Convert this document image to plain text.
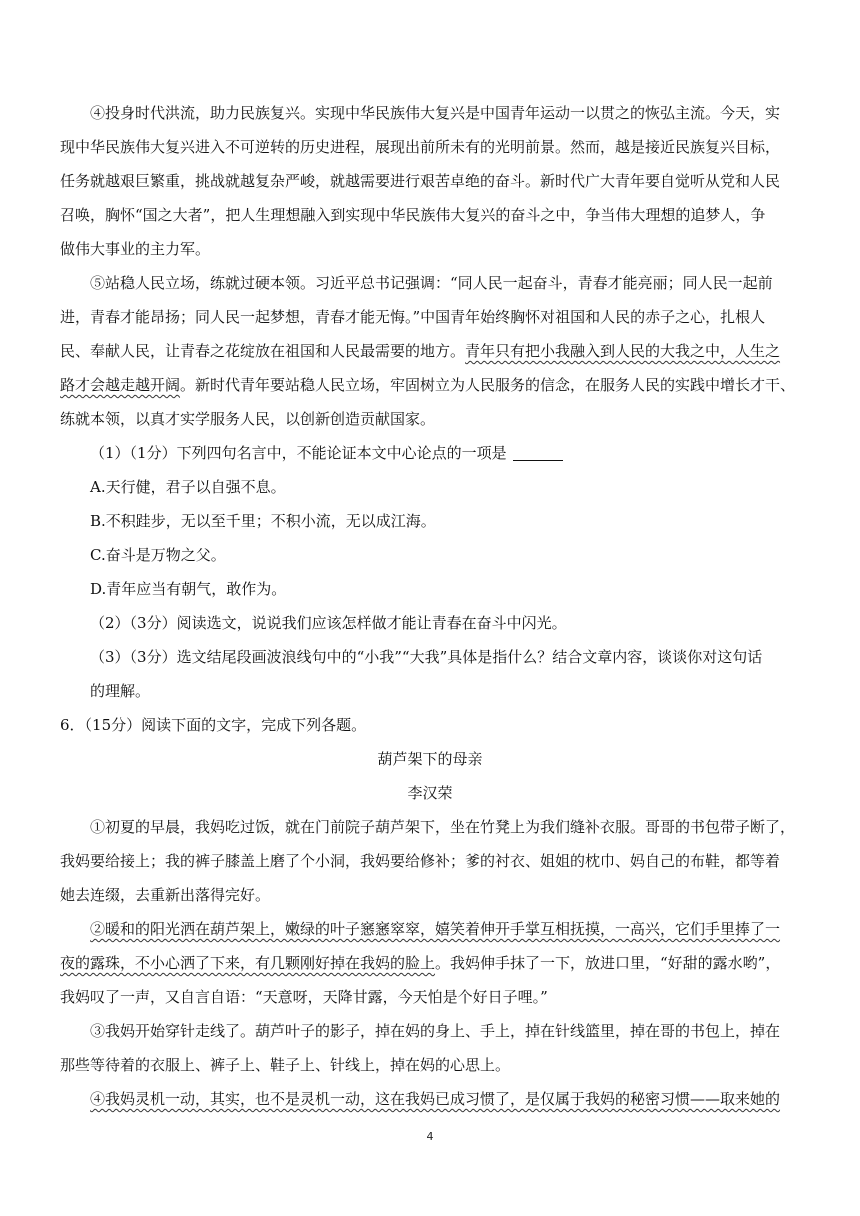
④投身时代洪流，助力民族复兴。实现中华民族伟大复兴是中国青年运动一以贯之的恢弘主流。今天，实
现中华民族伟大复兴进入不可逆转的历史进程，展现出前所未有的光明前景。然而，越是接近民族复兴目标，
任务就越艰巨繁重，挑战就越复杂严峻，就越需要进行艰苦卓绝的奋斗。新时代广大青年要自觉听从党和人民
召唤，胸怀“国之大者”，把人生理想融入到实现中华民族伟大复兴的奋斗之中，争当伟大理想的追梦人，争
做伟大事业的主力军。
⑤站稳人民立场，练就过硬本领。习近平总书记强调：“同人民一起奋斗，青春才能亮丽；同人民一起前
进，青春才能昂扬；同人民一起梦想，青春才能无悔。”中国青年始终胸怀对祖国和人民的赤子之心，扎根人
民、奉献人民，让青春之花绽放在祖国和人民最需要的地方。青年只有把小我融入到人民的大我之中，人生之
路才会越走越开阔。新时代青年要站稳人民立场，牢固树立为人民服务的信念，在服务人民的实践中增长才干、
练就本领，以真才实学服务人民，以创新创造贡献国家。
（1）（1分）下列四句名言中，不能论证本文中心论点的一项是
A.天行健，君子以自强不息。
B.不积跬步，无以至千里；不积小流，无以成江海。
C.奋斗是万物之父。
D.青年应当有朝气，敢作为。
（2）（3分）阅读选文，说说我们应该怎样做才能让青春在奋斗中闪光。
（3）（3分）选文结尾段画波浪线句中的“小我”“大我”具体是指什么？结合文章内容，谈谈你对这句话
的理解。
6．（15分）阅读下面的文字，完成下列各题。
葫芦架下的母亲
李汉荣
①初夏的早晨，我妈吃过饭，就在门前院子葫芦架下，坐在竹凳上为我们缝补衣服。哥哥的书包带子断了，
我妈要给接上；我的裤子膝盖上磨了个小洞，我妈要给修补；爹的衬衣、姐姐的枕巾、妈自己的布鞋，都等着
她去连缀，去重新出落得完好。
②暖和的阳光洒在葫芦架上，嫩绿的叶子窸窸窣窣，嬉笑着伸开手掌互相抚摸，一高兴，它们手里捧了一
夜的露珠，不小心洒了下来，有几颗刚好掉在我妈的脸上。我妈伸手抹了一下，放进口里，“好甜的露水哟”，
我妈叹了一声，又自言自语：“天意呀，天降甘露，今天怕是个好日子哩。”
③我妈开始穿针走线了。葫芦叶子的影子，掉在妈的身上、手上，掉在针线篮里，掉在哥的书包上，掉在
那些等待着的衣服上、裤子上、鞋子上、针线上，掉在妈的心思上。
④我妈灵机一动，其实，也不是灵机一动，这在我妈已成习惯了，是仅属于我妈的秘密习惯——取来她的
4
